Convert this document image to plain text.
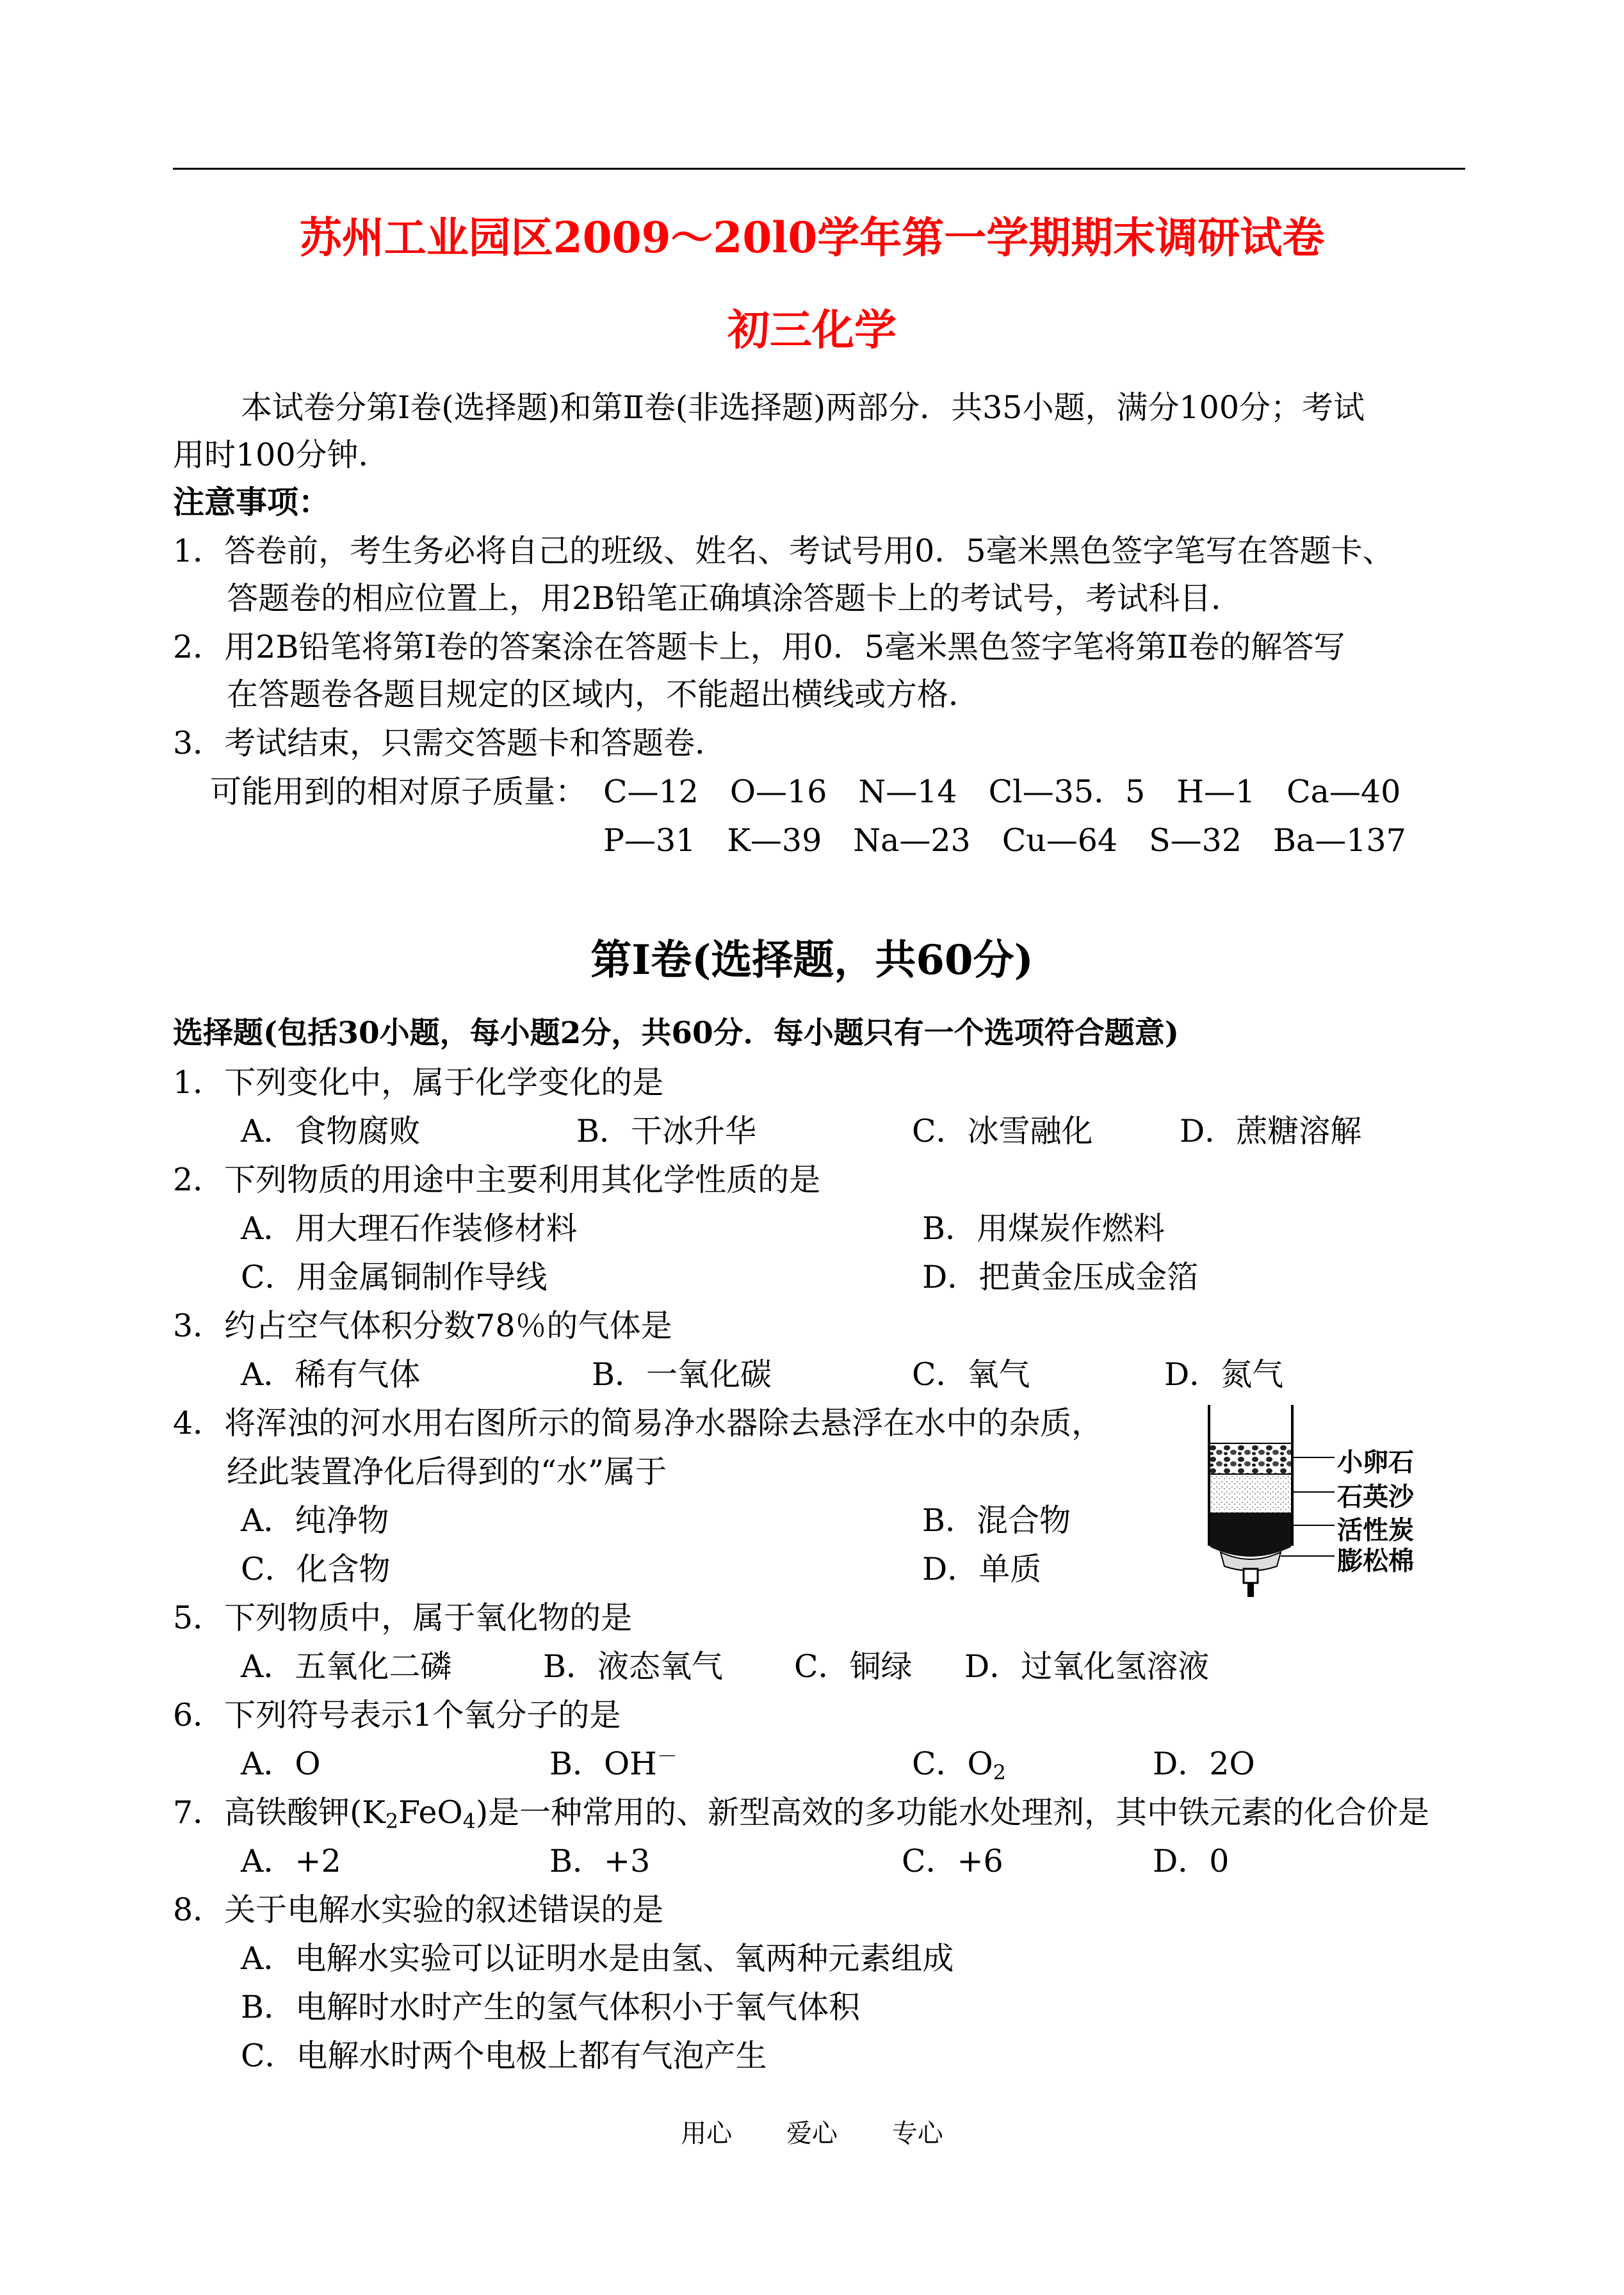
苏州工业园区2009～20l0学年第一学期期末调研试卷
初三化学
本试卷分第Ⅰ卷(选择题)和第Ⅱ卷(非选择题)两部分．共35小题，满分100分；考试
用时100分钟．
注意事项：
1．答卷前，考生务必将自己的班级、姓名、考试号用0．5毫米黑色签字笔写在答题卡、
答题卷的相应位置上，用2B铅笔正确填涂答题卡上的考试号，考试科目．
2．用2B铅笔将第Ⅰ卷的答案涂在答题卡上，用0．5毫米黑色签字笔将第Ⅱ卷的解答写
在答题卷各题目规定的区域内，不能超出横线或方格．
3．考试结束，只需交答题卡和答题卷．
可能用到的相对原子质量： C—12　O—16　N—14　Cl—35．5　H—1　Ca—40
P—31　K—39　Na—23　Cu—64　S—32　Ba—137
第Ⅰ卷(选择题，共60分)
选择题(包括30小题，每小题2分，共60分．每小题只有一个选项符合题意)
1．下列变化中，属于化学变化的是
A．食物腐败	B．干冰升华	C．冰雪融化	D．蔗糖溶解
2．下列物质的用途中主要利用其化学性质的是
A．用大理石作装修材料	B．用煤炭作燃料
C．用金属铜制作导线	D．把黄金压成金箔
3．约占空气体积分数78％的气体是
A．稀有气体	B．一氧化碳	C．氧气	D．氮气
4．将浑浊的河水用右图所示的简易净水器除去悬浮在水中的杂质，
经此装置净化后得到的“水”属于
A．纯净物	B．混合物
C．化含物	D．单质
小卵石
石英沙
活性炭
膨松棉
5．下列物质中，属于氧化物的是
A．五氧化二磷	B．液态氧气 C．铜绿 D．过氧化氢溶液
6．下列符号表示1个氧分子的是
A．O	B．OH－	C．$O_2$	D．2O
7．高铁酸钾$(K_2FeO_4)$是一种常用的、新型高效的多功能水处理剂，其中铁元素的化合价是
A．+2	B．+3	C．+6	D．0
8．关于电解水实验的叙述错误的是
A．电解水实验可以证明水是由氢、氧两种元素组成
B．电解时水时产生的氢气体积小于氧气体积
C．电解水时两个电极上都有气泡产生
用心 爱心 专心
